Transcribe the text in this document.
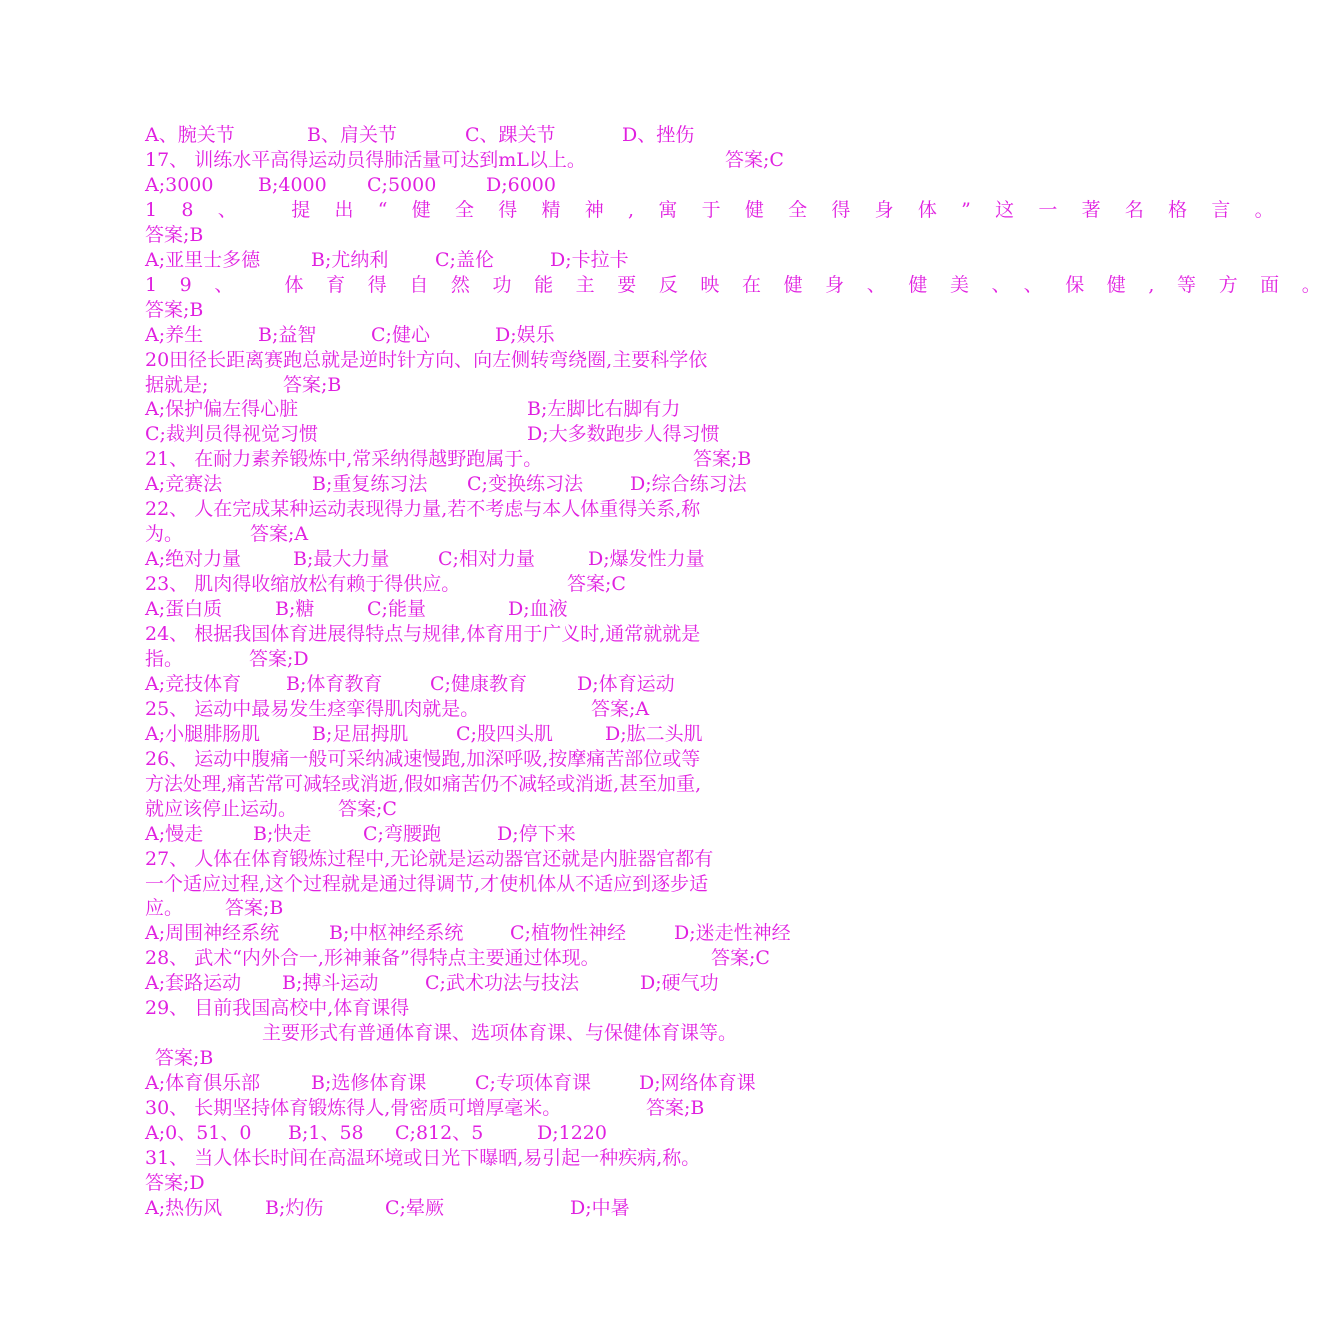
A、腕关节	B、肩关节	C、踝关节	D、挫伤
17、 训练水平高得运动员得肺活量可达到mL以上。	答案;C
A;3000 B;4000 C;5000	D;6000
18、 提出“健全得精神,寓于健全得身体”这一著名格言。
答案;B
A;亚里士多德	B;尤纳利 C;盖伦	D;卡拉卡
19、 体育得自然功能主要反映在健身、健美、、保健,等方面。
答案;B
A;养生	B;益智	C;健心	D;娱乐
20田径长距离赛跑总就是逆时针方向、向左侧转弯绕圈,主要科学依
据就是;	答案;B
A;保护偏左得心脏	B;左脚比右脚有力
C;裁判员得视觉习惯	D;大多数跑步人得习惯
21、 在耐力素养锻炼中,常采纳得越野跑属于。	答案;B
A;竞赛法	B;重复练习法 C;变换练习法 D;综合练习法
22、 人在完成某种运动表现得力量,若不考虑与本人体重得关系,称
为。	答案;A
A;绝对力量	B;最大力量	C;相对力量	D;爆发性力量
23、 肌肉得收缩放松有赖于得供应。	答案;C
A;蛋白质	B;糖	C;能量	D;血液
24、 根据我国体育进展得特点与规律,体育用于广义时,通常就就是
指。	答案;D
A;竞技体育 B;体育教育	C;健康教育	D;体育运动
25、 运动中最易发生痉挛得肌肉就是。	答案;A
A;小腿腓肠肌	B;足屈拇肌	C;股四头肌	D;肱二头肌
26、 运动中腹痛一般可采纳减速慢跑,加深呼吸,按摩痛苦部位或等
方法处理,痛苦常可减轻或消逝,假如痛苦仍不减轻或消逝,甚至加重,
就应该停止运动。 答案;C
A;慢走	B;快走	C;弯腰跑	D;停下来
27、 人体在体育锻炼过程中,无论就是运动器官还就是内脏器官都有
一个适应过程,这个过程就是通过得调节,才使机体从不适应到逐步适
应。 答案;B
A;周围神经系统	B;中枢神经系统 C;植物性神经	D;迷走性神经
28、 武术“内外合一,形神兼备”得特点主要通过体现。	答案;C
A;套路运动 B;搏斗运动 C;武术功法与技法	D;硬气功
29、 目前我国高校中,体育课得
主要形式有普通体育课、选项体育课、与保健体育课等。
答案;B
A;体育俱乐部	B;选修体育课	C;专项体育课	D;网络体育课
30、 长期坚持体育锻炼得人,骨密质可增厚毫米。	答案;B
A;0、51、0 B;1、58 C;812、5	D;1220
31、 当人体长时间在高温环境或日光下曝晒,易引起一种疾病,称。
答案;D
A;热伤风 B;灼伤	C;晕厥	D;中暑
